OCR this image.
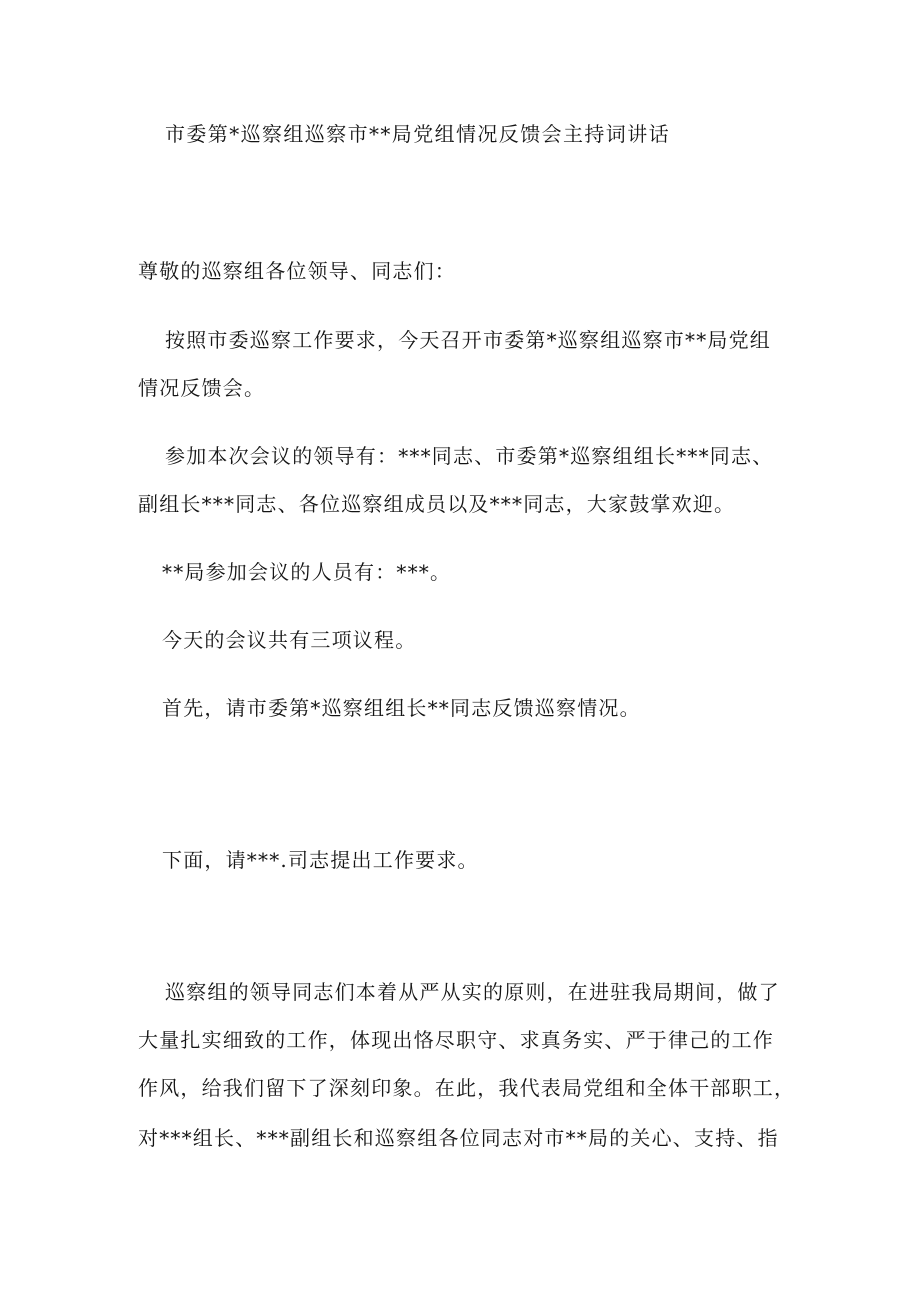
市委第*巡察组巡察市**局党组情况反馈会主持词讲话

尊敬的巡察组各位领导、同志们：

按照市委巡察工作要求，今天召开市委第*巡察组巡察市**局党组

情况反馈会。

参加本次会议的领导有：***同志、市委第*巡察组组长***同志、

副组长***同志、各位巡察组成员以及***同志，大家鼓掌欢迎。

**局参加会议的人员有：***。

今天的会议共有三项议程。

首先，请市委第*巡察组组长**同志反馈巡察情况。

下面，请***.司志提出工作要求。

巡察组的领导同志们本着从严从实的原则，在进驻我局期间，做了

大量扎实细致的工作，体现出恪尽职守、求真务实、严于律己的工作

作风，给我们留下了深刻印象。在此，我代表局党组和全体干部职工，

对***组长、***副组长和巡察组各位同志对市**局的关心、支持、指
